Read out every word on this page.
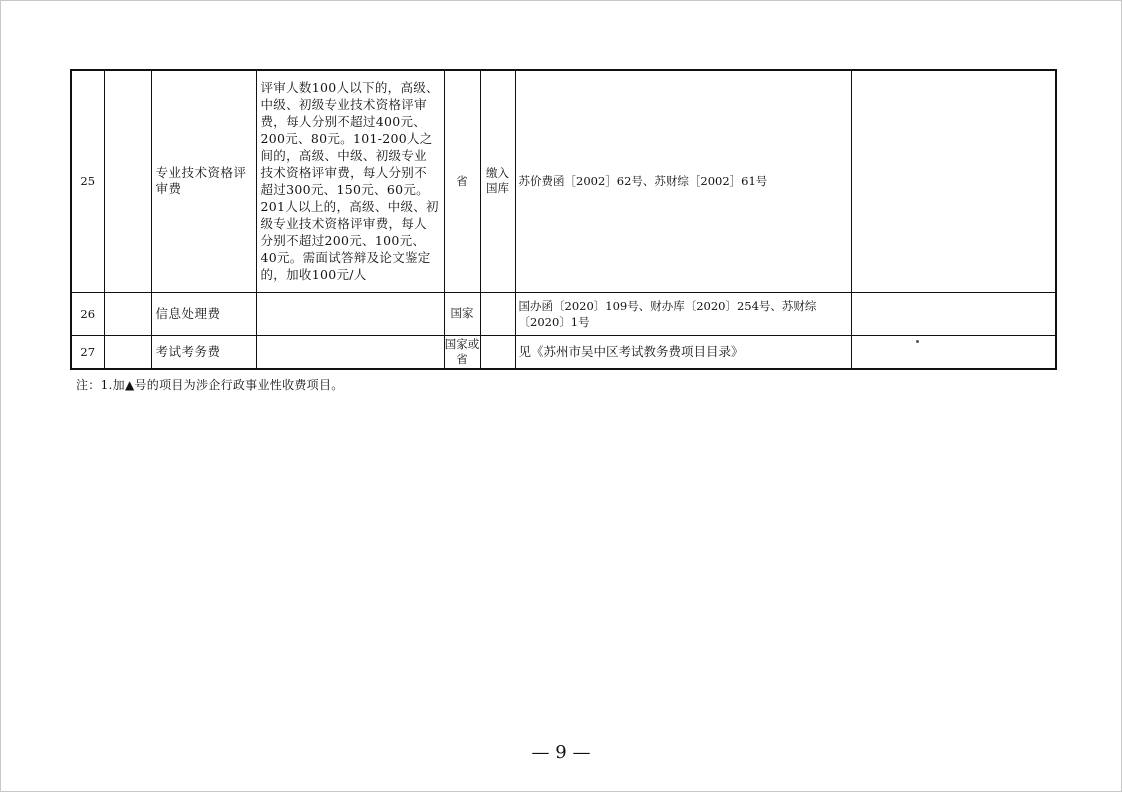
25		专业技术资格评审费	评审人数100人以下的，高级、中级、初级专业技术资格评审费，每人分别不超过400元、200元、80元。101-200人之间的，高级、中级、初级专业技术资格评审费，每人分别不超过300元、150元、60元。201人以上的，高级、中级、初级专业技术资格评审费，每人分别不超过200元、100元、40元。需面试答辩及论文鉴定的，加收100元/人	省	缴入国库	苏价费函［2002］62号、苏财综［2002］61号	
26		信息处理费		国家		国办函〔2020〕109号、财办库〔2020〕254号、苏财综〔2020〕1号	
27		考试考务费		国家或省		见《苏州市吴中区考试教务费项目目录》	
注：1.加▲号的项目为涉企行政事业性收费项目。
— 9 —
